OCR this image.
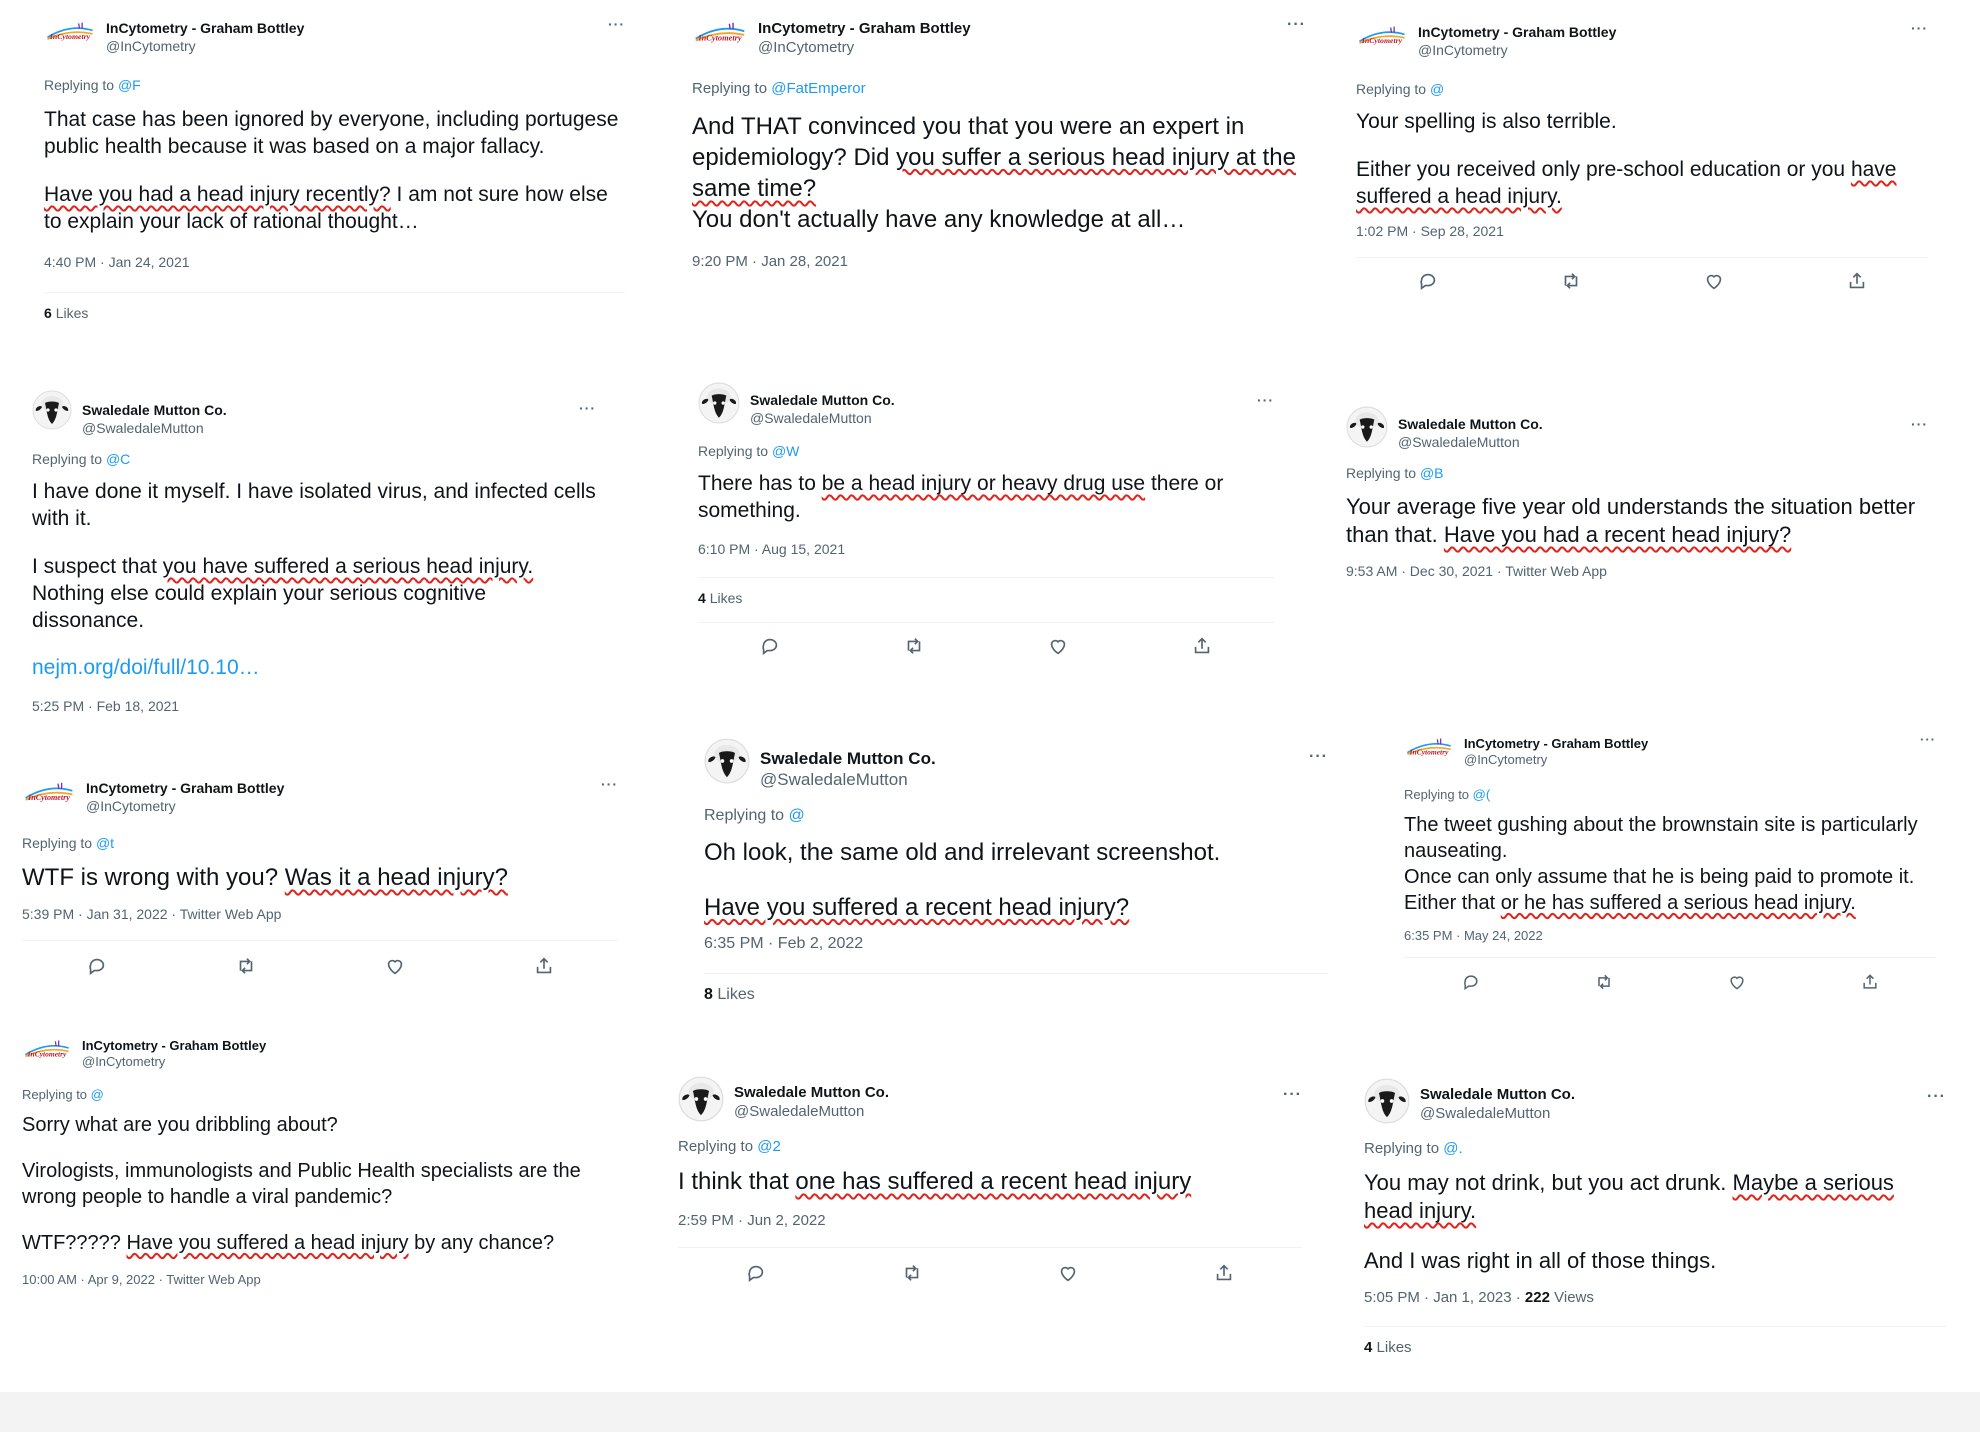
InCytometry - Graham Bottley
@InCytometry
···
Replying to @F

That case has been ignored by everyone, including portugese public health because it was based on a major fallacy.

Have you had a head injury recently? I am not sure how else to explain your lack of rational thought…

4:40 PM · Jan 24, 2021
6 Likes
InCytometry - Graham Bottley
@InCytometry
···
Replying to @FatEmperor

And THAT convinced you that you were an expert in epidemiology? Did you suffer a serious head injury at the same time?
You don't actually have any knowledge at all…

9:20 PM · Jan 28, 2021
InCytometry - Graham Bottley
@InCytometry
···
Replying to @

Your spelling is also terrible.

Either you received only pre-school education or you have suffered a head injury.

1:02 PM · Sep 28, 2021
Swaledale Mutton Co.
@SwaledaleMutton
···
Replying to @C

I have done it myself. I have isolated virus, and infected cells with it.

I suspect that you have suffered a serious head injury. Nothing else could explain your serious cognitive dissonance.

nejm.org/doi/full/10.10…

5:25 PM · Feb 18, 2021
Swaledale Mutton Co.
@SwaledaleMutton
···
Replying to @W

There has to be a head injury or heavy drug use there or something.

6:10 PM · Aug 15, 2021
4 Likes
Swaledale Mutton Co.
@SwaledaleMutton
···
Replying to @B

Your average five year old understands the situation better than that. Have you had a recent head injury?

9:53 AM · Dec 30, 2021 · Twitter Web App
InCytometry - Graham Bottley
@InCytometry
···
Replying to @t

WTF is wrong with you? Was it a head injury?

5:39 PM · Jan 31, 2022 · Twitter Web App
Swaledale Mutton Co.
@SwaledaleMutton
···
Replying to @

Oh look, the same old and irrelevant screenshot.

Have you suffered a recent head injury?

6:35 PM · Feb 2, 2022
8 Likes
InCytometry - Graham Bottley
@InCytometry
···
Replying to @(

The tweet gushing about the brownstain site is particularly nauseating.
Once can only assume that he is being paid to promote it. Either that or he has suffered a serious head injury.

6:35 PM · May 24, 2022
InCytometry - Graham Bottley
@InCytometry
Replying to @

Sorry what are you dribbling about?

Virologists, immunologists and Public Health specialists are the wrong people to handle a viral pandemic?

WTF????? Have you suffered a head injury by any chance?

10:00 AM · Apr 9, 2022 · Twitter Web App
Swaledale Mutton Co.
@SwaledaleMutton
···
Replying to @2

I think that one has suffered a recent head injury

2:59 PM · Jun 2, 2022
Swaledale Mutton Co.
@SwaledaleMutton
···
Replying to @.

You may not drink, but you act drunk. Maybe a serious head injury.

And I was right in all of those things.

5:05 PM · Jan 1, 2023 · 222 Views
4 Likes
